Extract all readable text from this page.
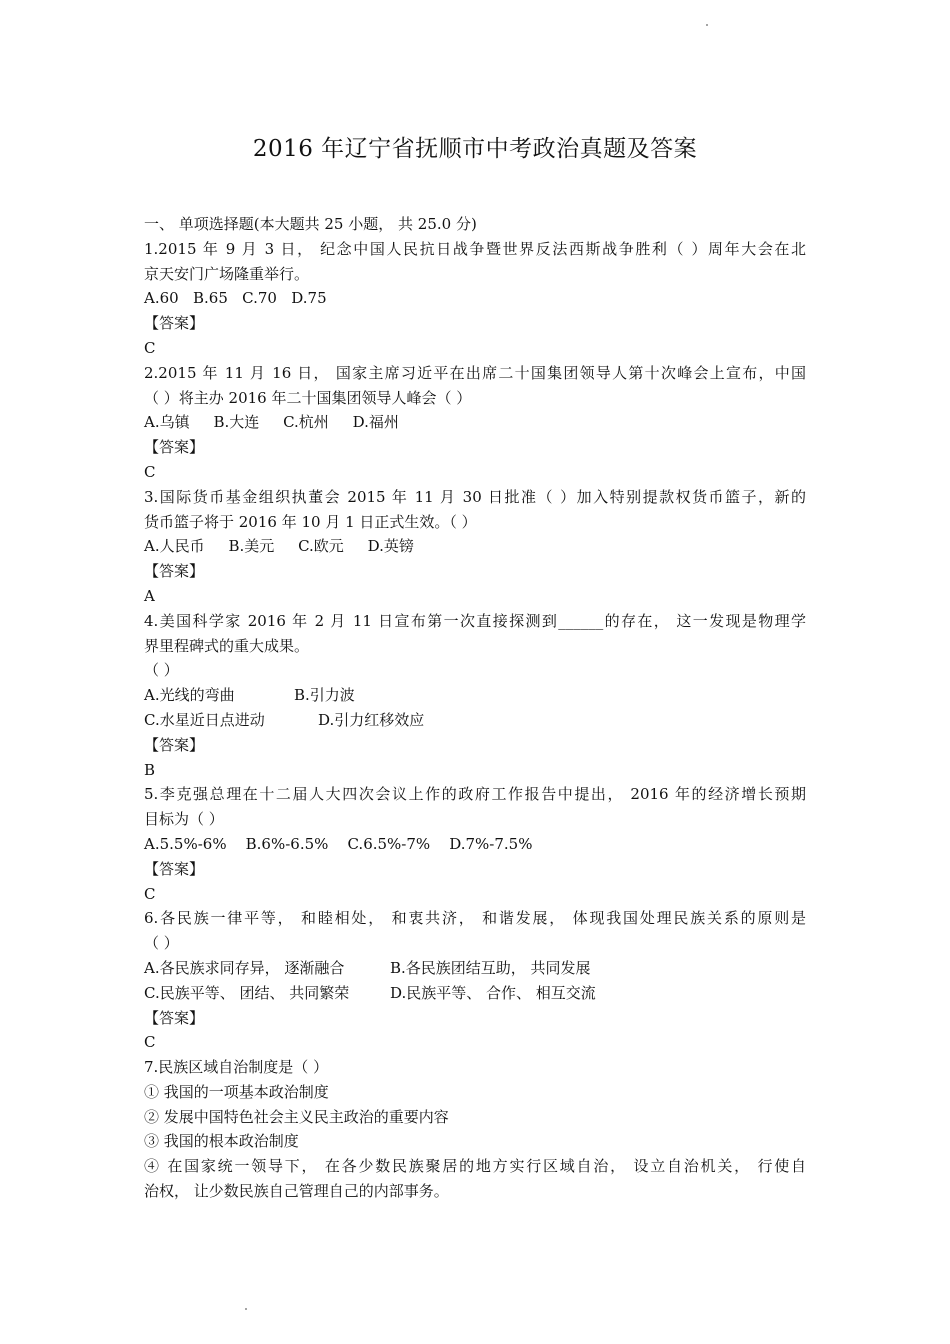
2016 年辽宁省抚顺市中考政治真题及答案
一、 单项选择题(本大题共 25 小题， 共 25.0 分)
1.2015 年 9 月 3 日， 纪念中国人民抗日战争暨世界反法西斯战争胜利（ ）周年大会在北
京天安门广场隆重举行。
A.60   B.65   C.70   D.75
【答案】
C
2.2015 年 11 月 16 日， 国家主席习近平在出席二十国集团领导人第十次峰会上宣布，中国
（ ）将主办 2016 年二十国集团领导人峰会（ ）
A.乌镇     B.大连     C.杭州     D.福州
【答案】
C
3.国际货币基金组织执董会 2015 年 11 月 30 日批准（ ）加入特别提款权货币篮子，新的
货币篮子将于 2016 年 10 月 1 日正式生效。（ ）
A.人民币     B.美元     C.欧元     D.英镑
【答案】
A
4.美国科学家 2016 年 2 月 11 日宣布第一次直接探测到______的存在， 这一发现是物理学
界里程碑式的重大成果。
（ ）
A.光线的弯曲	B.引力波
C.水星近日点进动	D.引力红移效应
【答案】
B
5.李克强总理在十二届人大四次会议上作的政府工作报告中提出， 2016 年的经济增长预期
目标为（ ）
A.5.5%-6%    B.6%-6.5%    C.6.5%-7%    D.7%-7.5%
【答案】
C
6.各民族一律平等， 和睦相处， 和衷共济， 和谐发展， 体现我国处理民族关系的原则是
（ ）
A.各民族求同存异， 逐渐融合	B.各民族团结互助， 共同发展
C.民族平等、 团结、 共同繁荣	D.民族平等、 合作、 相互交流
【答案】
C
7.民族区域自治制度是（ ）
① 我国的一项基本政治制度
② 发展中国特色社会主义民主政治的重要内容
③ 我国的根本政治制度
④ 在国家统一领导下， 在各少数民族聚居的地方实行区域自治， 设立自治机关， 行使自
治权， 让少数民族自己管理自己的内部事务。
